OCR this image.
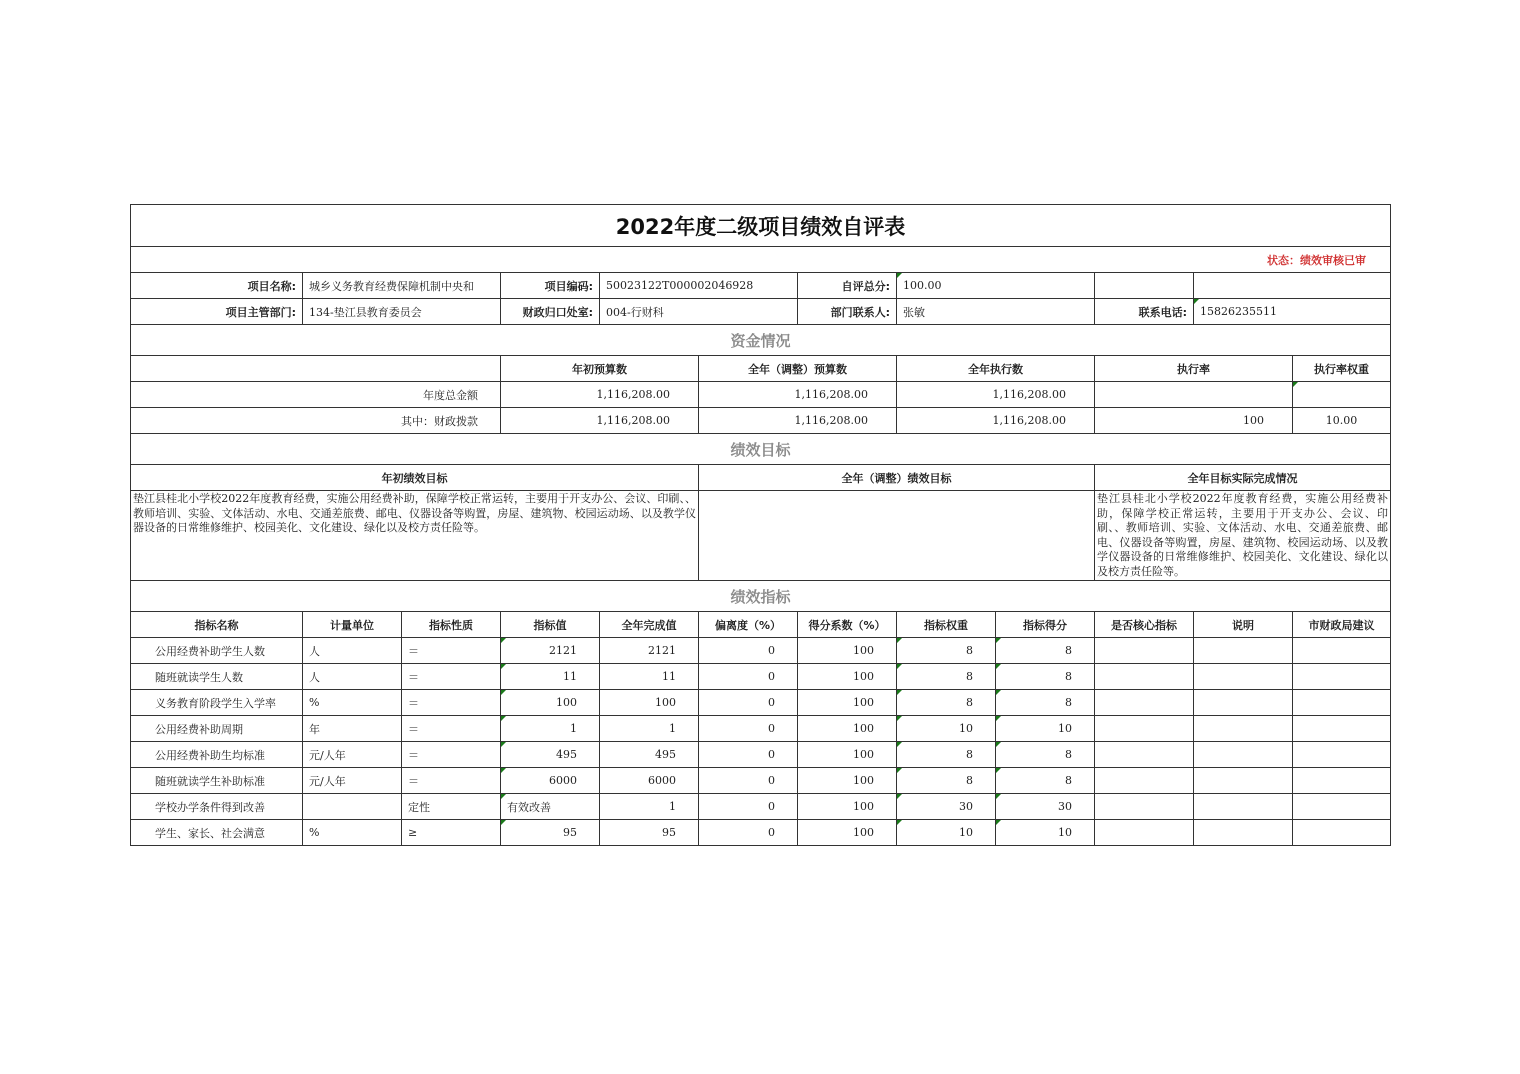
2022年度二级项目绩效自评表												
状态：绩效审核已审												
项目名称:	城乡义务教育经费保障机制中央和		项目编码:	50023122T000002046928		自评总分:	100.00					
项目主管部门:	134-垫江县教育委员会		财政归口处室:	004-行财科		部门联系人:	张敏		联系电话:	15826235511		
资金情况												
			年初预算数		全年（调整）预算数		全年执行数		执行率		执行率权重	
年度总金额			1,116,208.00		1,116,208.00		1,116,208.00					
其中：财政拨款			1,116,208.00		1,116,208.00		1,116,208.00		100		10.00	
绩效目标												
年初绩效目标					全年（调整）绩效目标				全年目标实际完成情况			
垫江县桂北小学校2022年度教育经费，实施公用经费补助，保障学校正常运转，主要用于开支办公、会议、印刷、、教师培训、实验、文体活动、水电、交通差旅费、邮电、仪器设备等购置，房屋、建筑物、校园运动场、以及教学仪器设备的日常维修维护、校园美化、文化建设、绿化以及校方责任险等。									垫江县桂北小学校2022年度教育经费，实施公用经费补助，保障学校正常运转，主要用于开支办公、会议、印刷、、教师培训、实验、文体活动、水电、交通差旅费、邮电、仪器设备等购置，房屋、建筑物、校园运动场、以及教学仪器设备的日常维修维护、校园美化、文化建设、绿化以及校方责任险等。			
绩效指标												
指标名称	计量单位	指标性质	指标值	全年完成值	偏离度（%）	得分系数（%）	指标权重	指标得分	是否核心指标	说明	市财政局建议	
公用经费补助学生人数	人	＝	2121	2121	0	100	8	8				
随班就读学生人数	人	＝	11	11	0	100	8	8				
义务教育阶段学生入学率	%	＝	100	100	0	100	8	8				
公用经费补助周期	年	＝	1	1	0	100	10	10				
公用经费补助生均标准	元/人年	＝	495	495	0	100	8	8				
随班就读学生补助标准	元/人年	＝	6000	6000	0	100	8	8				
学校办学条件得到改善		定性	有效改善	1	0	100	30	30				
学生、家长、社会满意	%	≥	95	95	0	100	10	10				
